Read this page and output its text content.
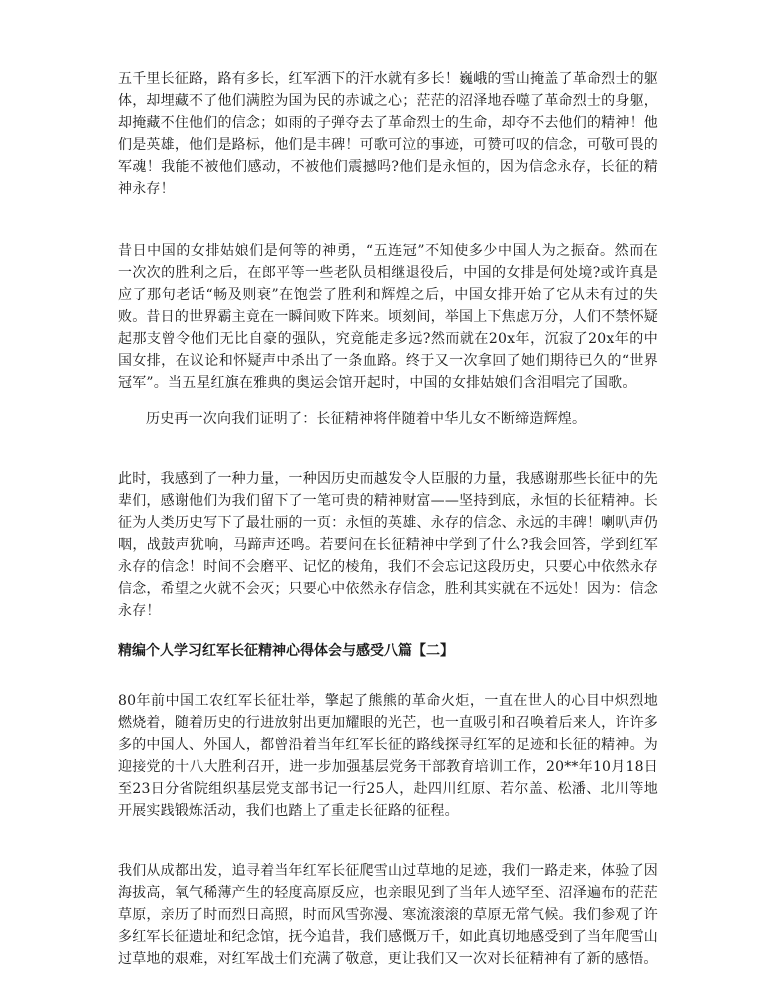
五千里长征路，路有多长，红军洒下的汗水就有多长！巍峨的雪山掩盖了革命烈士的躯体，却埋藏不了他们满腔为国为民的赤诚之心；茫茫的沼泽地吞噬了革命烈士的身躯，却掩藏不住他们的信念；如雨的子弹夺去了革命烈士的生命，却夺不去他们的精神！他们是英雄，他们是路标，他们是丰碑！可歌可泣的事迹，可赞可叹的信念，可敬可畏的军魂！我能不被他们感动，不被他们震撼吗?他们是永恒的，因为信念永存，长征的精神永存！

昔日中国的女排姑娘们是何等的神勇，“五连冠”不知使多少中国人为之振奋。然而在一次次的胜利之后，在郎平等一些老队员相继退役后，中国的女排是何处境?或许真是应了那句老话“畅及则衰”在饱尝了胜利和辉煌之后，中国女排开始了它从未有过的失败。昔日的世界霸主竟在一瞬间败下阵来。顷刻间，举国上下焦虑万分，人们不禁怀疑起那支曾令他们无比自豪的强队，究竟能走多远?然而就在20x年，沉寂了20x年的中国女排，在议论和怀疑声中杀出了一条血路。终于又一次拿回了她们期待已久的“世界冠军”。当五星红旗在雅典的奥运会馆开起时，中国的女排姑娘们含泪唱完了国歌。

历史再一次向我们证明了：长征精神将伴随着中华儿女不断缔造辉煌。

此时，我感到了一种力量，一种因历史而越发令人臣服的力量，我感谢那些长征中的先辈们，感谢他们为我们留下了一笔可贵的精神财富——坚持到底，永恒的长征精神。长征为人类历史写下了最壮丽的一页：永恒的英雄、永存的信念、永远的丰碑！喇叭声仍咽，战鼓声犹响，马蹄声还鸣。若要问在长征精神中学到了什么?我会回答，学到红军永存的信念！时间不会磨平、记忆的棱角，我们不会忘记这段历史，只要心中依然永存信念，希望之火就不会灭；只要心中依然永存信念，胜利其实就在不远处！因为：信念永存！

精编个人学习红军长征精神心得体会与感受八篇【二】

80年前中国工农红军长征壮举，擎起了熊熊的革命火炬，一直在世人的心目中炽烈地燃烧着，随着历史的行进放射出更加耀眼的光芒，也一直吸引和召唤着后来人，许许多多的中国人、外国人，都曾沿着当年红军长征的路线探寻红军的足迹和长征的精神。为迎接党的十八大胜利召开，进一步加强基层党务干部教育培训工作，20**年10月18日至23日分省院组织基层党支部书记一行25人，赴四川红原、若尔盖、松潘、北川等地开展实践锻炼活动，我们也踏上了重走长征路的征程。

我们从成都出发，追寻着当年红军长征爬雪山过草地的足迹，我们一路走来，体验了因海拔高，氧气稀薄产生的轻度高原反应，也亲眼见到了当年人迹罕至、沼泽遍布的茫茫草原，亲历了时而烈日高照，时而风雪弥漫、寒流滚滚的草原无常气候。我们参观了许多红军长征遗址和纪念馆，抚今追昔，我们感慨万千，如此真切地感受到了当年爬雪山过草地的艰难，对红军战士们充满了敬意，更让我们又一次对长征精神有了新的感悟。
